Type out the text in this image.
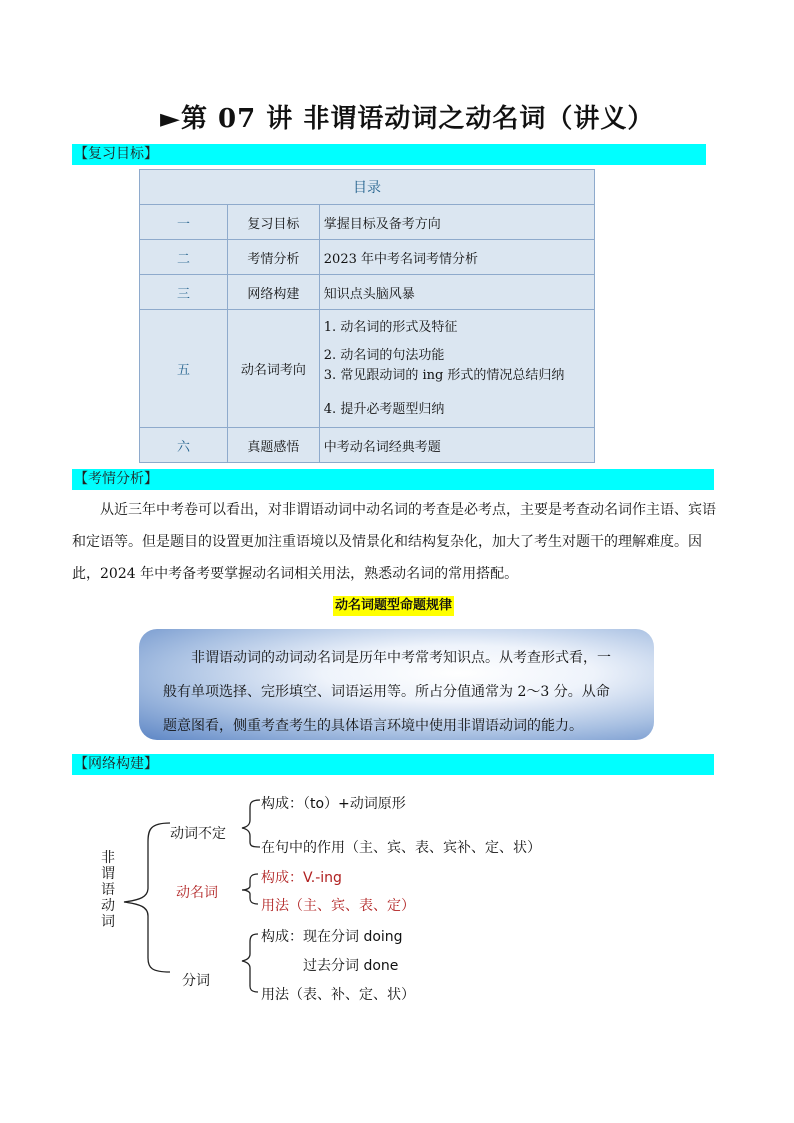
►第 07 讲 非谓语动词之动名词（讲义）
【复习目标】
目录		
一	复习目标	掌握目标及备考方向
二	考情分析	2023 年中考名词考情分析
三	网络构建	知识点头脑风暴
五	动名词考向	1. 动名词的形式及特征
2. 动名词的句法功能
3. 常见跟动词的 ing 形式的情况总结归纳
4. 提升必考题型归纳

六	真题感悟	中考动名词经典考题
【考情分析】

从近三年中考卷可以看出，对非谓语动词中动名词的考查是必考点，主要是考查动名词作主语、宾语和定语等。但是题目的设置更加注重语境以及情景化和结构复杂化，加大了考生对题干的理解难度。因此，2024 年中考备考要掌握动名词相关用法，熟悉动名词的常用搭配。

动名词题型命题规律

非谓语动词的动词动名词是历年中考常考知识点。从考查形式看，一

般有单项选择、完形填空、词语运用等。所占分值通常为 2～3 分。从命

题意图看，侧重考查考生的具体语言环境中使用非谓语动词的能力。

【网络构建】
非
谓
语
动
词
动词不定
构成：（to）+动词原形
在句中的作用（主、宾、表、宾补、定、状）
动名词
构成：V.-ing
用法（主、宾、表、定）
分词
构成：现在分词 doing
过去分词 done
用法（表、补、定、状）
